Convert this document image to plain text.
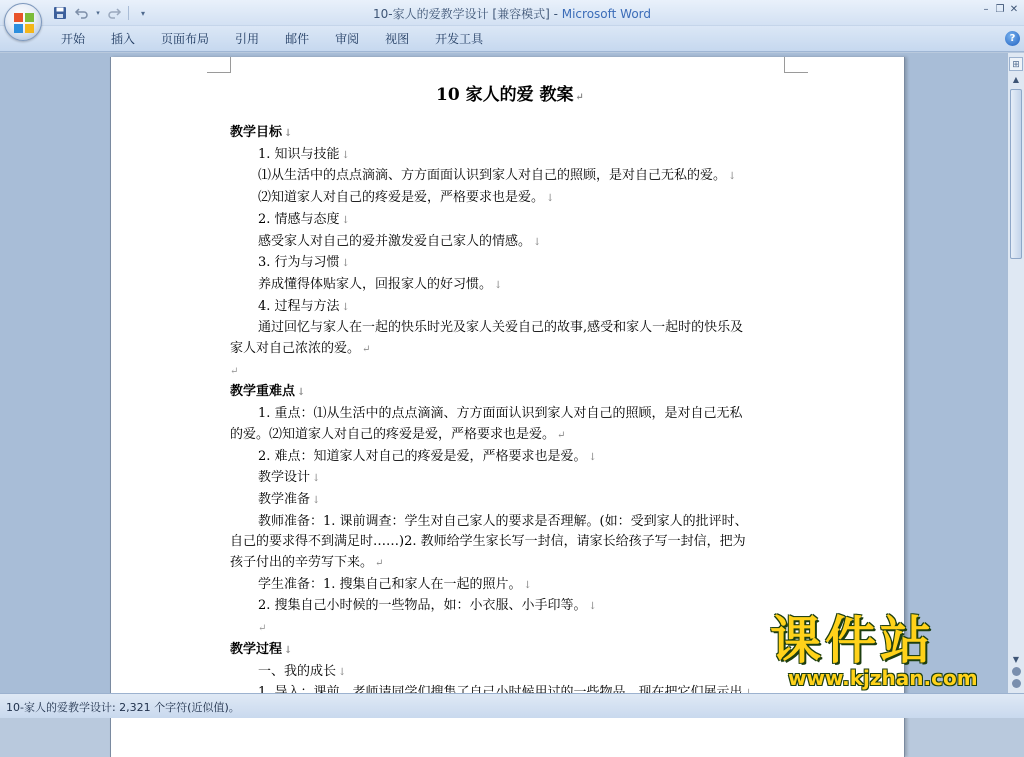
▾	▾	10-家人的爱教学设计 [兼容模式] - Microsoft Word	– ❐ ✕
开始	插入	页面布局	引用	邮件	审阅	视图	开发工具	?
10 家人的爱 教案 ↵
教学目标 ↓
1. 知识与技能 ↓
⑴从生活中的点点滴滴、方方面面认识到家人对自己的照顾，是对自己无私的爱。 ↓
⑵知道家人对自己的疼爱是爱，严格要求也是爱。 ↓
2. 情感与态度 ↓
感受家人对自己的爱并激发爱自己家人的情感。 ↓
3. 行为与习惯 ↓
养成懂得体贴家人，回报家人的好习惯。 ↓
4. 过程与方法 ↓
通过回忆与家人在一起的快乐时光及家人关爱自己的故事,感受和家人一起时的快乐及
家人对自己浓浓的爱。 ↵
↵
教学重难点 ↓
1. 重点：⑴从生活中的点点滴滴、方方面面认识到家人对自己的照顾，是对自己无私
的爱。⑵知道家人对自己的疼爱是爱，严格要求也是爱。 ↵
2. 难点：知道家人对自己的疼爱是爱，严格要求也是爱。 ↓
教学设计 ↓
教学准备 ↓
教师准备：1. 课前调查：学生对自己家人的要求是否理解。(如：受到家人的批评时、
自己的要求得不到满足时……)2. 教师给学生家长写一封信，请家长给孩子写一封信，把为
孩子付出的辛劳写下来。 ↵
学生准备：1. 搜集自己和家人在一起的照片。 ↓
2. 搜集自己小时候的一些物品，如：小衣服、小手印等。 ↓
↵
教学过程 ↓
一、我的成长 ↓
⊞
▲
▼
10-家人的爱教学设计: 2,321 个字符(近似值)。
课件站
www.kjzhan.com
